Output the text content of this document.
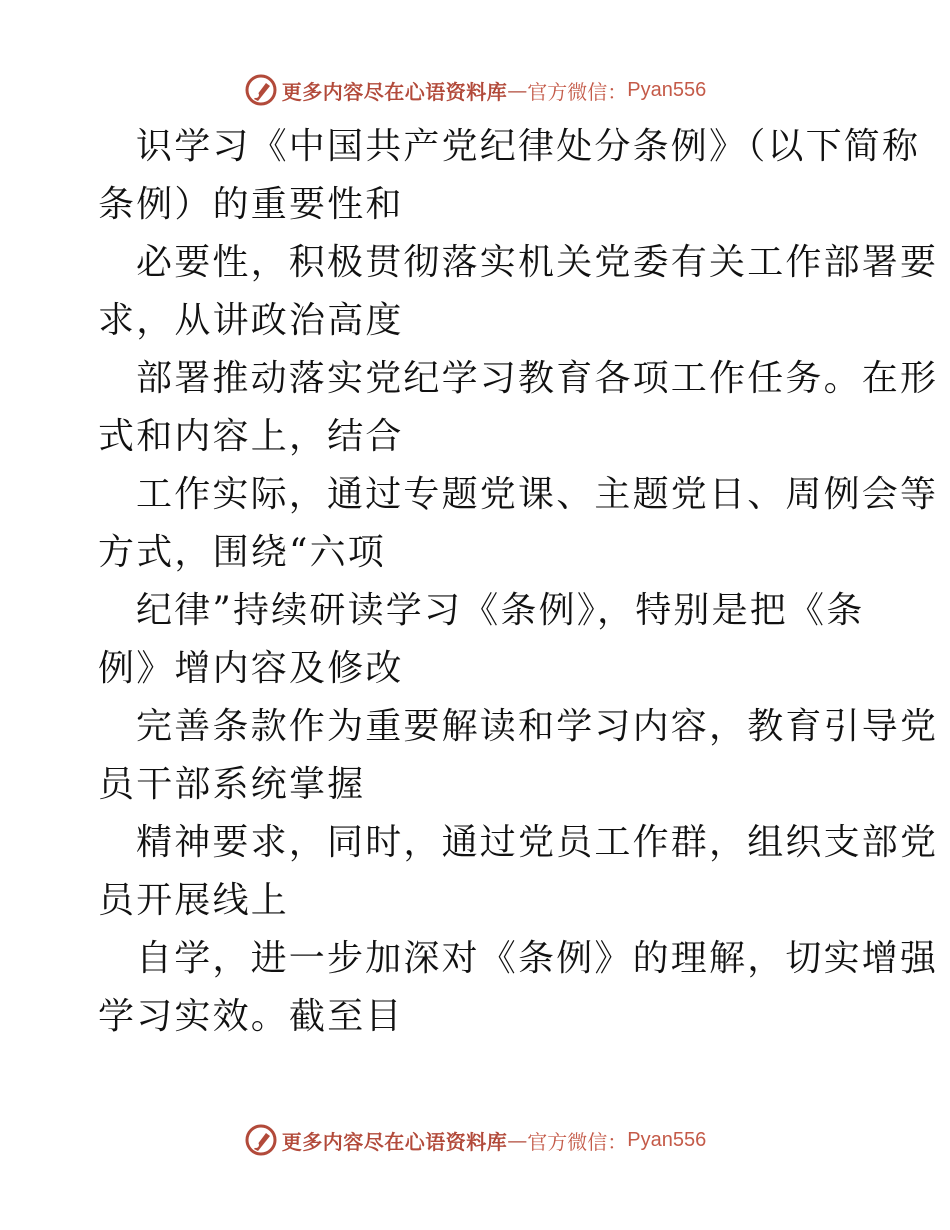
更多内容尽在心语资料库 — 官方微信： Pyan556

识学习《中国共产党纪律处分条例》（以下简称
条例）的重要性和

必要性，积极贯彻落实机关党委有关工作部署要
求，从讲政治高度

部署推动落实党纪学习教育各项工作任务。在形
式和内容上，结合

工作实际，通过专题党课、主题党日、周例会等
方式，围绕“六项

纪律”持续研读学习《条例》，特别是把《条
例》增内容及修改

完善条款作为重要解读和学习内容，教育引导党
员干部系统掌握

精神要求，同时，通过党员工作群，组织支部党
员开展线上

自学，进一步加深对《条例》的理解，切实增强
学习实效。截至目

更多内容尽在心语资料库 — 官方微信： Pyan556
